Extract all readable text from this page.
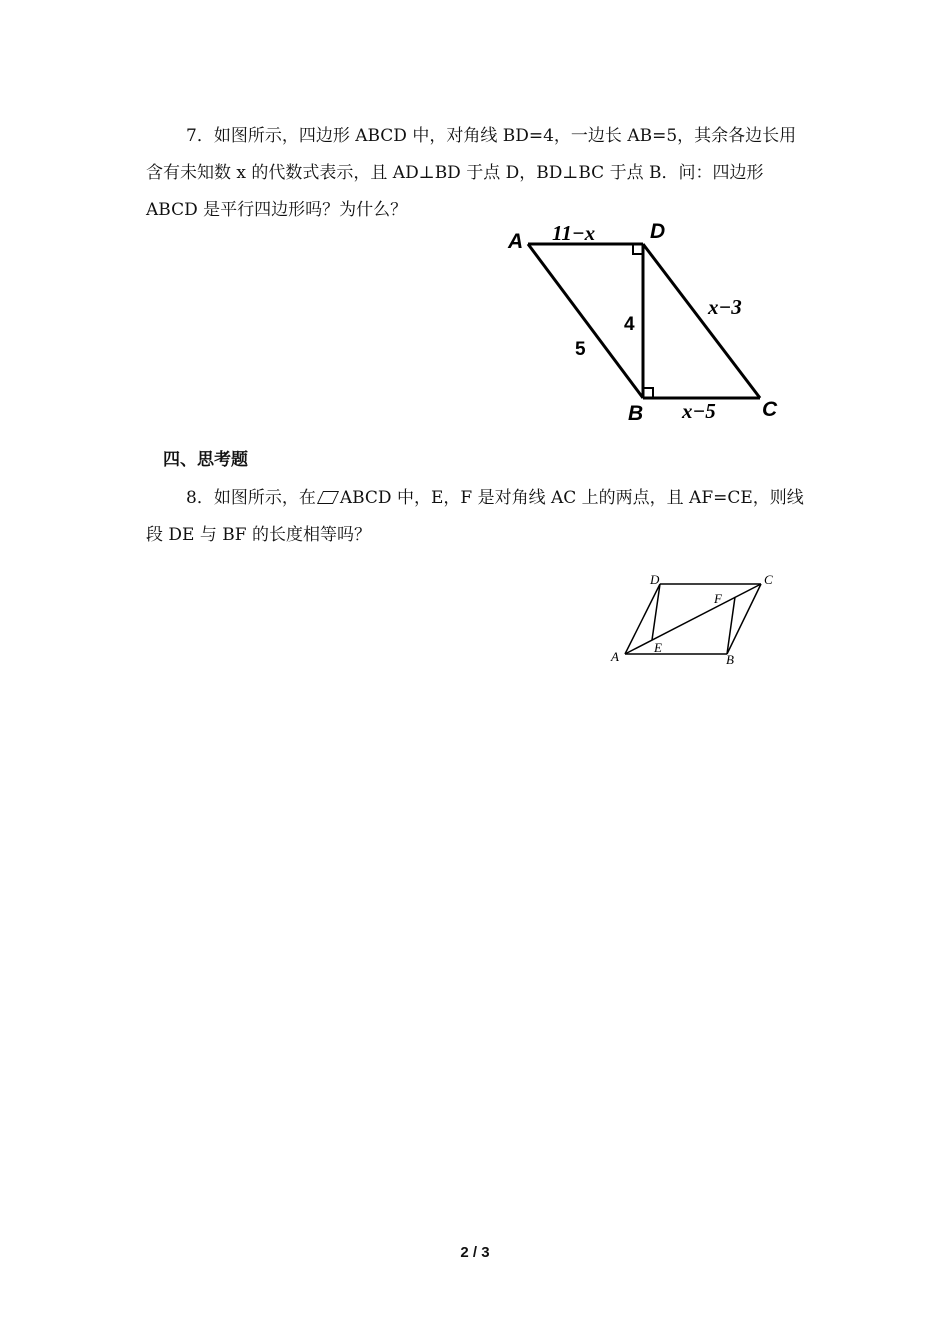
7．如图所示，四边形 ABCD 中，对角线 BD=4，一边长 AB=5，其余各边长用含有未知数 x 的代数式表示，且 AD⊥BD 于点 D，BD⊥BC 于点 B．问：四边形 ABCD 是平行四边形吗？为什么？

A	D
B	C
11−x
x−3
4
5
x−5

四、思考题

8．如图所示，在 ABCD 中，E，F 是对角线 AC 上的两点，且 AF=CE，则线段 DE 与 BF 的长度相等吗？

A	B
C
D
E
F
2 / 3
